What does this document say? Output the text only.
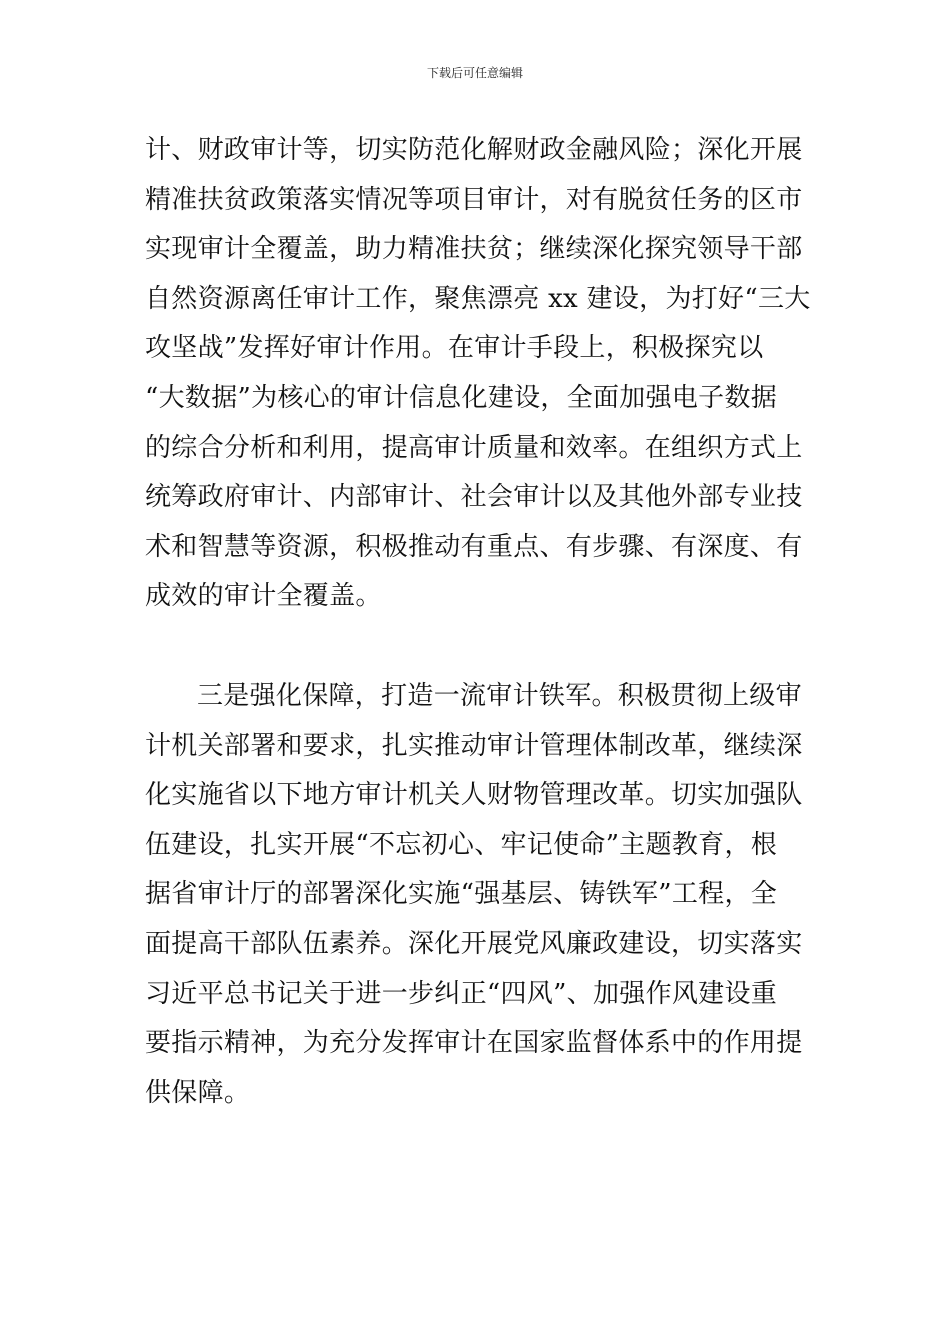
下载后可任意编辑
计、财政审计等，切实防范化解财政金融风险；深化开展
精准扶贫政策落实情况等项目审计，对有脱贫任务的区市
实现审计全覆盖，助力精准扶贫；继续深化探究领导干部
自然资源离任审计工作，聚焦漂亮 xx 建设，为打好“三大
攻坚战”发挥好审计作用。在审计手段上，积极探究以
“大数据”为核心的审计信息化建设，全面加强电子数据
的综合分析和利用，提高审计质量和效率。在组织方式上
统筹政府审计、内部审计、社会审计以及其他外部专业技
术和智慧等资源，积极推动有重点、有步骤、有深度、有
成效的审计全覆盖。
三是强化保障，打造一流审计铁军。积极贯彻上级审
计机关部署和要求，扎实推动审计管理体制改革，继续深
化实施省以下地方审计机关人财物管理改革。切实加强队
伍建设，扎实开展“不忘初心、牢记使命”主题教育，根
据省审计厅的部署深化实施“强基层、铸铁军”工程，全
面提高干部队伍素养。深化开展党风廉政建设，切实落实
习近平总书记关于进一步纠正“四风”、加强作风建设重
要指示精神，为充分发挥审计在国家监督体系中的作用提
供保障。
